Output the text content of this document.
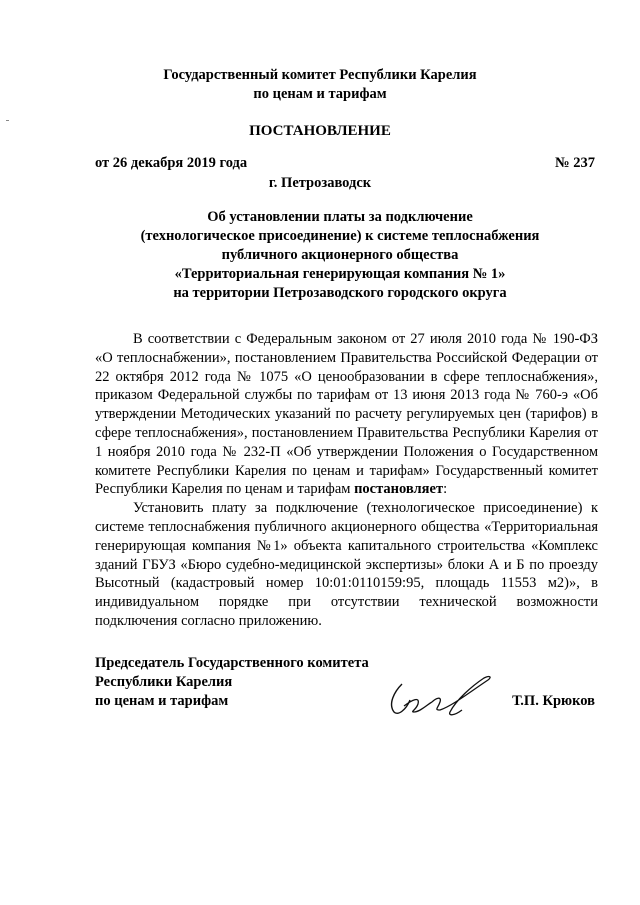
Государственный комитет Республики Карелия
по ценам и тарифам
ПОСТАНОВЛЕНИЕ
от 26 декабря 2019 года	№ 237
г. Петрозаводск
Об установлении платы за подключение
(технологическое присоединение) к системе теплоснабжения
публичного акционерного общества
«Территориальная генерирующая компания № 1»
на территории Петрозаводского городского округа

В соответствии с Федеральным законом от 27 июля 2010 года № 190-ФЗ «О теплоснабжении», постановлением Правительства Российской Федерации от 22 октября 2012 года № 1075 «О ценообразовании в сфере теплоснабжения», приказом Федеральной службы по тарифам от 13 июня 2013 года № 760-э «Об утверждении Методических указаний по расчету регулируемых цен (тарифов) в сфере теплоснабжения», постановлением Правительства Республики Карелия от 1 ноября 2010 года № 232-П «Об утверждении Положения о Государственном комитете Республики Карелия по ценам и тарифам» Государственный комитет Республики Карелия по ценам и тарифам постановляет:

Установить плату за подключение (технологическое присоединение) к системе теплоснабжения публичного акционерного общества «Территориальная генерирующая компания №1» объекта капитального строительства «Комплекс зданий ГБУЗ «Бюро судебно-медицинской экспертизы» блоки А и Б по проезду Высотный (кадастровый номер 10:01:0110159:95, площадь 11553 м2)», в индивидуальном порядке при отсутствии технической возможности подключения согласно приложению.

Председатель Государственного комитета
Республики Карелия
по ценам и тарифам	Т.П. Крюков
